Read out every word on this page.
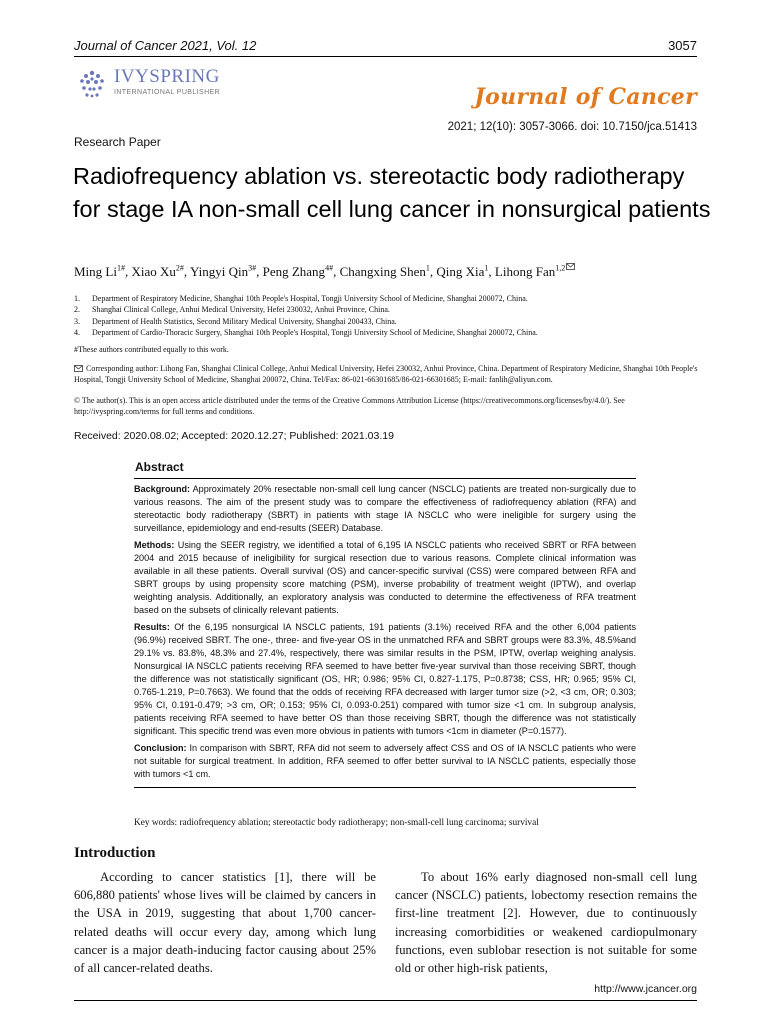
Journal of Cancer 2021, Vol. 12	3057
IVYSPRING
INTERNATIONAL PUBLISHER	Journal of Cancer
2021; 12(10): 3057-3066. doi: 10.7150/jca.51413
Research Paper
Radiofrequency ablation vs. stereotactic body radiotherapy for stage IA non-small cell lung cancer in nonsurgical patients
Ming $Li^{1\#}$, Xiao $Xu^{2\#}$, Yingyi Qin$^{3\#}$, Peng Zhang$^{4\#}$, Changxing Shen$^1$, Qing Xia$^1$, Lihong Fan$^{1,2}$
1.	Department of Respiratory Medicine, Shanghai 10th People's Hospital, Tongji University School of Medicine, Shanghai 200072, China.
2.	Shanghai Clinical College, Anhui Medical University, Hefei 230032, Anhui Province, China.
3.	Department of Health Statistics, Second Military Medical University, Shanghai 200433, China.
4.	Department of Cardio-Thoracic Surgery, Shanghai 10th People's Hospital, Tongji University School of Medicine, Shanghai 200072, China.
#These authors contributed equally to this work.
Corresponding author: Lihong Fan, Shanghai Clinical College, Anhui Medical University, Hefei 230032, Anhui Province, China. Department of Respiratory Medicine, Shanghai 10th People's Hospital, Tongji University School of Medicine, Shanghai 200072, China. Tel/Fax: 86-021-66301685/86-021-66301685; E-mail: fanlih@aliyun.com.
© The author(s). This is an open access article distributed under the terms of the Creative Commons Attribution License (https://creativecommons.org/licenses/by/4.0/). See http://ivyspring.com/terms for full terms and conditions.
Received: 2020.08.02; Accepted: 2020.12.27; Published: 2021.03.19
Abstract

Background: Approximately 20% resectable non-small cell lung cancer (NSCLC) patients are treated non-surgically due to various reasons. The aim of the present study was to compare the effectiveness of radiofrequency ablation (RFA) and stereotactic body radiotherapy (SBRT) in patients with stage IA NSCLC who were ineligible for surgery using the surveillance, epidemiology and end-results (SEER) Database.

Methods: Using the SEER registry, we identified a total of 6,195 IA NSCLC patients who received SBRT or RFA between 2004 and 2015 because of ineligibility for surgical resection due to various reasons. Complete clinical information was available in all these patients. Overall survival (OS) and cancer-specific survival (CSS) were compared between RFA and SBRT groups by using propensity score matching (PSM), inverse probability of treatment weight (IPTW), and overlap weighting analysis. Additionally, an exploratory analysis was conducted to determine the effectiveness of RFA treatment based on the subsets of clinically relevant patients.

Results: Of the 6,195 nonsurgical IA NSCLC patients, 191 patients (3.1%) received RFA and the other 6,004 patients (96.9%) received SBRT. The one-, three- and five-year OS in the unmatched RFA and SBRT groups were 83.3%, 48.5%and 29.1% vs. 83.8%, 48.3% and 27.4%, respectively, there was similar results in the PSM, IPTW, overlap weighing analysis. Nonsurgical IA NSCLC patients receiving RFA seemed to have better five-year survival than those receiving SBRT, though the difference was not statistically significant (OS, HR; 0.986; 95% CI, 0.827-1.175, P=0.8738; CSS, HR; 0.965; 95% CI, 0.765-1.219, P=0.7663). We found that the odds of receiving RFA decreased with larger tumor size (>2, <3 cm, OR; 0.303; 95% CI, 0.191-0.479; >3 cm, OR; 0.153; 95% CI, 0.093-0.251) compared with tumor size <1 cm. In subgroup analysis, patients receiving RFA seemed to have better OS than those receiving SBRT, though the difference was not statistically significant. This specific trend was even more obvious in patients with tumors <1cm in diameter (P=0.1577).

Conclusion: In comparison with SBRT, RFA did not seem to adversely affect CSS and OS of IA NSCLC patients who were not suitable for surgical treatment. In addition, RFA seemed to offer better survival to IA NSCLC patients, especially those with tumors <1 cm.

Key words: radiofrequency ablation; stereotactic body radiotherapy; non-small-cell lung carcinoma; survival
Introduction

According to cancer statistics [1], there will be 606,880 patients' whose lives will be claimed by cancers in the USA in 2019, suggesting that about 1,700 cancer-related deaths will occur every day, among which lung cancer is a major death-inducing factor causing about 25% of all cancer-related deaths.

To about 16% early diagnosed non-small cell lung cancer (NSCLC) patients, lobectomy resection remains the first-line treatment [2]. However, due to continuously increasing comorbidities or weakened cardiopulmonary functions, even sublobar resection is not suitable for some old or other high-risk patients,

http://www.jcancer.org
